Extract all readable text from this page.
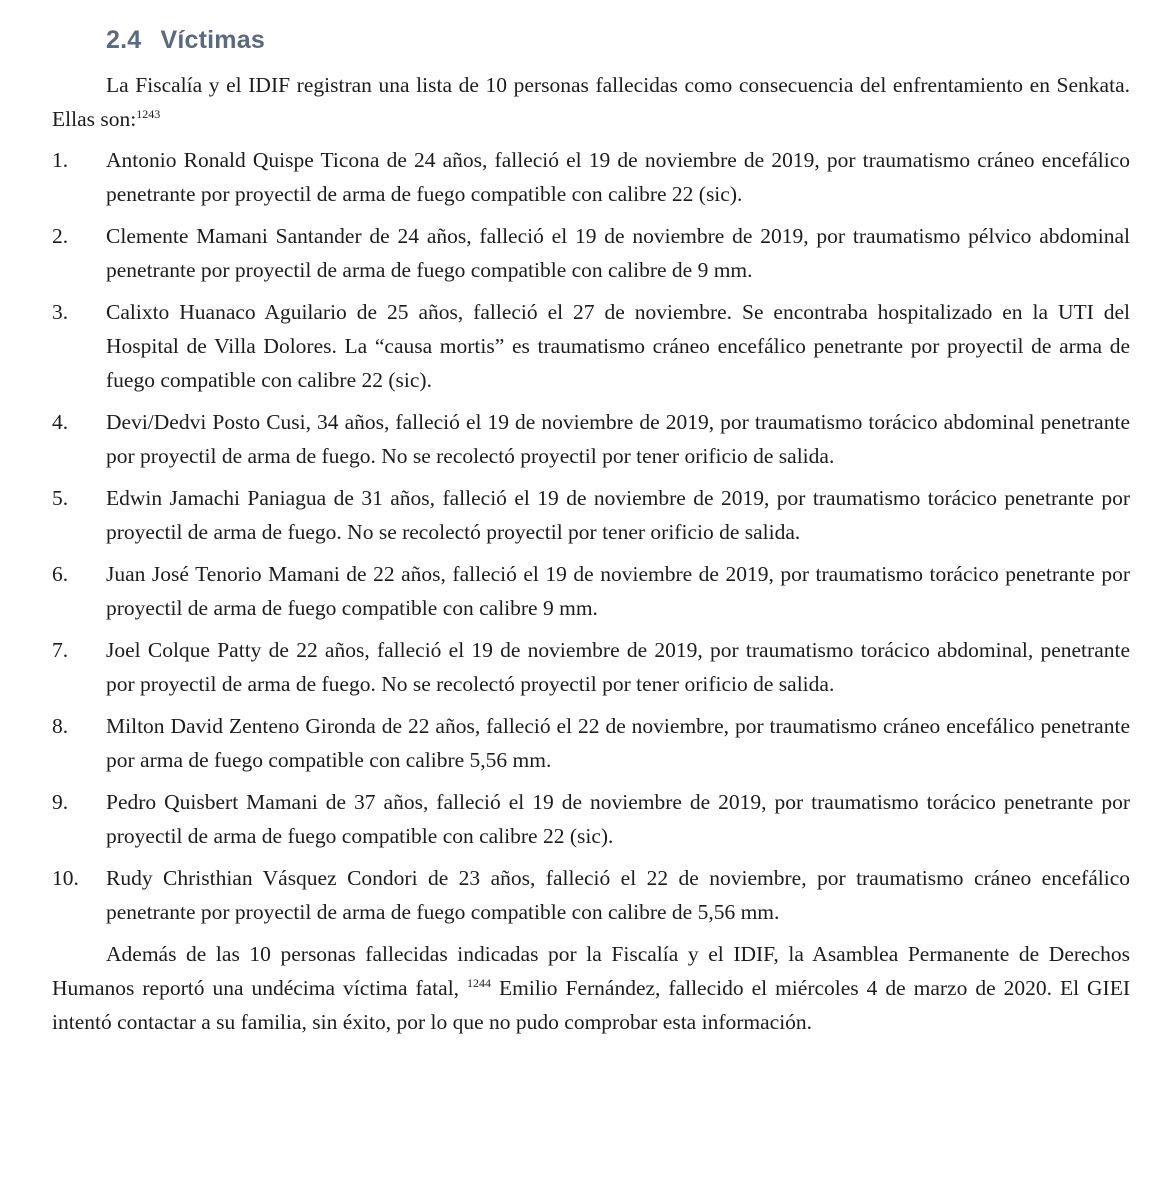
2.4 Víctimas

La Fiscalía y el IDIF registran una lista de 10 personas fallecidas como consecuencia del enfrentamiento en Senkata. Ellas son:$^{1243}$

1.	Antonio Ronald Quispe Ticona de 24 años, falleció el 19 de noviembre de 2019, por traumatismo cráneo encefálico penetrante por proyectil de arma de fuego compatible con calibre 22 (sic).
2.	Clemente Mamani Santander de 24 años, falleció el 19 de noviembre de 2019, por traumatismo pélvico abdominal penetrante por proyectil de arma de fuego compatible con calibre de 9 mm.
3.	Calixto Huanaco Aguilario de 25 años, falleció el 27 de noviembre. Se encontraba hospitalizado en la UTI del Hospital de Villa Dolores. La “causa mortis” es traumatismo cráneo encefálico penetrante por proyectil de arma de fuego compatible con calibre 22 (sic).
4.	Devi/Dedvi Posto Cusi, 34 años, falleció el 19 de noviembre de 2019, por traumatismo torácico abdominal penetrante por proyectil de arma de fuego. No se recolectó proyectil por tener orificio de salida.
5.	Edwin Jamachi Paniagua de 31 años, falleció el 19 de noviembre de 2019, por traumatismo torácico penetrante por proyectil de arma de fuego. No se recolectó proyectil por tener orificio de salida.
6.	Juan José Tenorio Mamani de 22 años, falleció el 19 de noviembre de 2019, por traumatismo torácico penetrante por proyectil de arma de fuego compatible con calibre 9 mm.
7.	Joel Colque Patty de 22 años, falleció el 19 de noviembre de 2019, por traumatismo torácico abdominal, penetrante por proyectil de arma de fuego. No se recolectó proyectil por tener orificio de salida.
8.	Milton David Zenteno Gironda de 22 años, falleció el 22 de noviembre, por traumatismo cráneo encefálico penetrante por arma de fuego compatible con calibre 5,56 mm.
9.	Pedro Quisbert Mamani de 37 años, falleció el 19 de noviembre de 2019, por traumatismo torácico penetrante por proyectil de arma de fuego compatible con calibre 22 (sic).
10.	Rudy Christhian Vásquez Condori de 23 años, falleció el 22 de noviembre, por traumatismo cráneo encefálico penetrante por proyectil de arma de fuego compatible con calibre de 5,56 mm.

Además de las 10 personas fallecidas indicadas por la Fiscalía y el IDIF, la Asamblea Permanente de Derechos Humanos reportó una undécima víctima fatal, $^{1244}$ Emilio Fernández, fallecido el miércoles 4 de marzo de 2020. El GIEI intentó contactar a su familia, sin éxito, por lo que no pudo comprobar esta información.
